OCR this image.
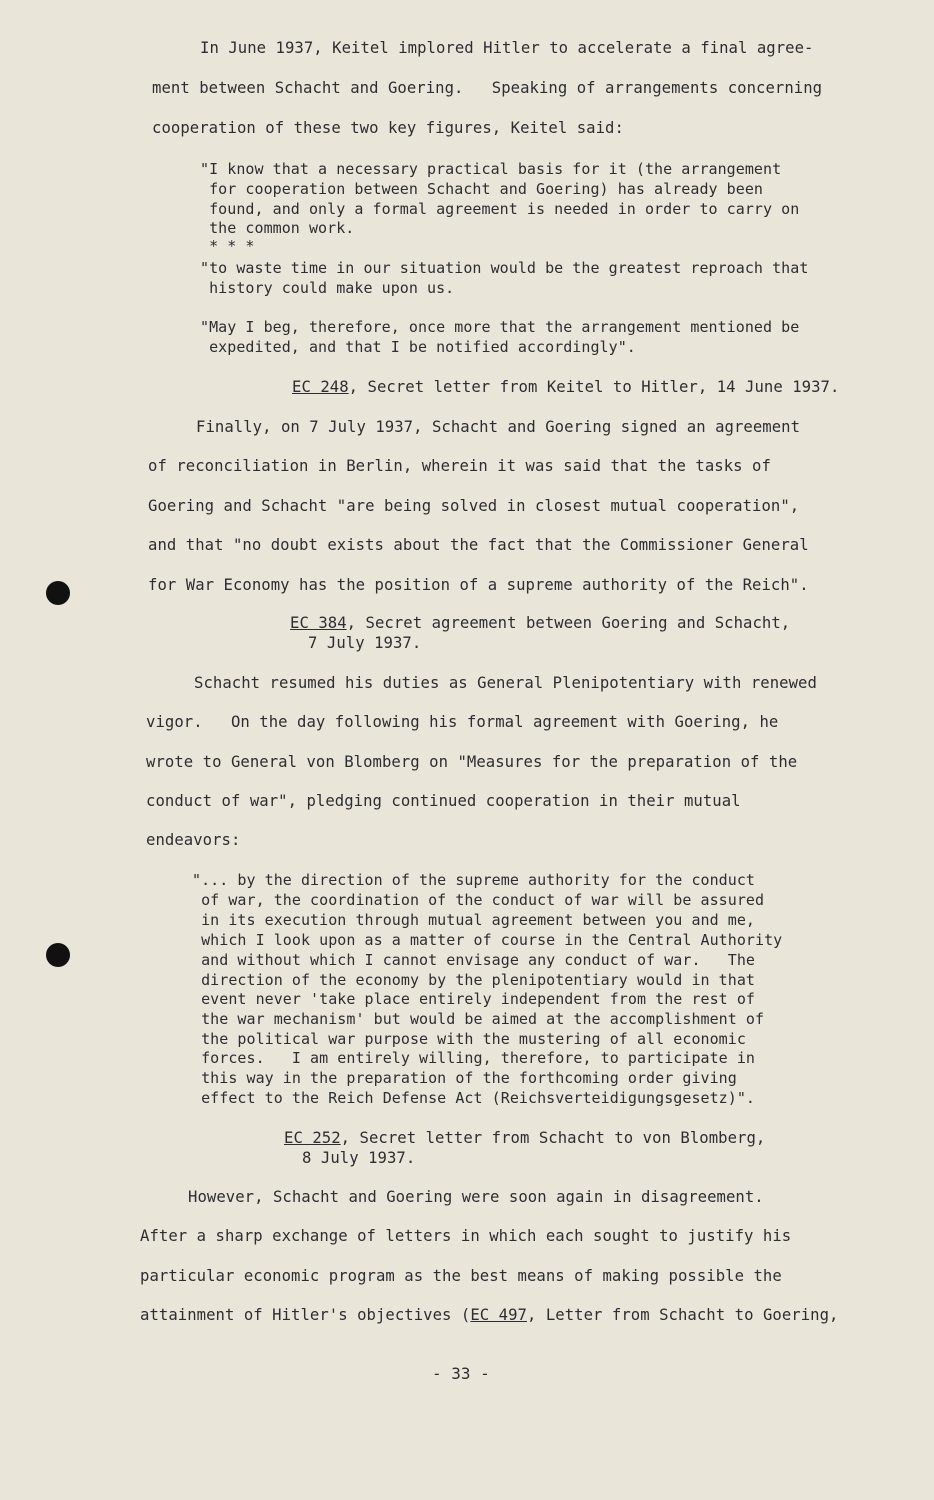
In June 1937, Keitel implored Hitler to accelerate a final agree-
ment between Schacht and Goering.   Speaking of arrangements concerning
cooperation of these two key figures, Keitel said:
"I know that a necessary practical basis for it (the arrangement
for cooperation between Schacht and Goering) has already been
found, and only a formal agreement is needed in order to carry on
the common work.
* * *
"to waste time in our situation would be the greatest reproach that
history could make upon us.
"May I beg, therefore, once more that the arrangement mentioned be
expedited, and that I be notified accordingly".
EC 248, Secret letter from Keitel to Hitler, 14 June 1937.
Finally, on 7 July 1937, Schacht and Goering signed an agreement
of reconciliation in Berlin, wherein it was said that the tasks of
Goering and Schacht "are being solved in closest mutual cooperation",
and that "no doubt exists about the fact that the Commissioner General
for War Economy has the position of a supreme authority of the Reich".
EC 384, Secret agreement between Goering and Schacht,
7 July 1937.
Schacht resumed his duties as General Plenipotentiary with renewed
vigor.   On the day following his formal agreement with Goering, he
wrote to General von Blomberg on "Measures for the preparation of the
conduct of war", pledging continued cooperation in their mutual
endeavors:
"... by the direction of the supreme authority for the conduct
of war, the coordination of the conduct of war will be assured
in its execution through mutual agreement between you and me,
which I look upon as a matter of course in the Central Authority
and without which I cannot envisage any conduct of war.   The
direction of the economy by the plenipotentiary would in that
event never 'take place entirely independent from the rest of
the war mechanism' but would be aimed at the accomplishment of
the political war purpose with the mustering of all economic
forces.   I am entirely willing, therefore, to participate in
this way in the preparation of the forthcoming order giving
effect to the Reich Defense Act (Reichsverteidigungsgesetz)".
EC 252, Secret letter from Schacht to von Blomberg,
8 July 1937.
However, Schacht and Goering were soon again in disagreement.
After a sharp exchange of letters in which each sought to justify his
particular economic program as the best means of making possible the
attainment of Hitler's objectives (EC 497, Letter from Schacht to Goering,
- 33 -
